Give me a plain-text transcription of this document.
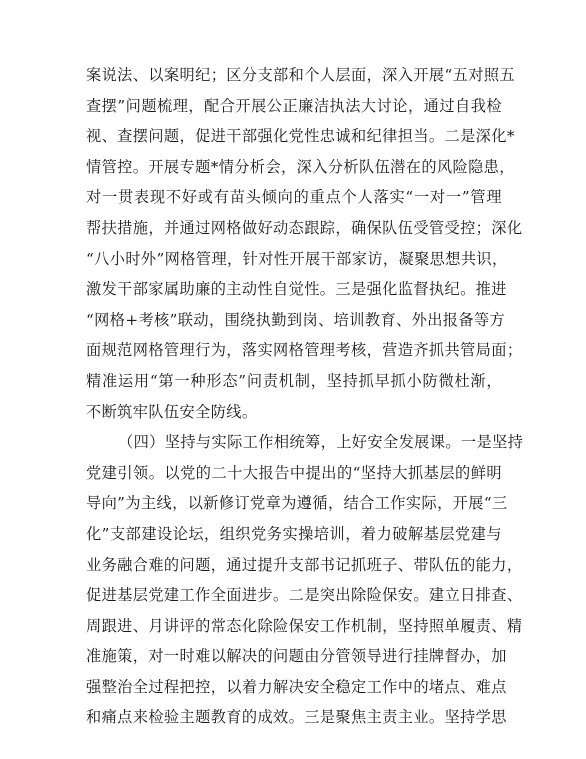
案说法、以案明纪；区分支部和个人层面，深入开展“五对照五
查摆”问题梳理，配合开展公正廉洁执法大讨论，通过自我检
视、查摆问题，促进干部强化党性忠诚和纪律担当。二是深化*
情管控。开展专题*情分析会，深入分析队伍潜在的风险隐患，
对一贯表现不好或有苗头倾向的重点个人落实“一对一”管理
帮扶措施，并通过网格做好动态跟踪，确保队伍受管受控；深化
“八小时外”网格管理，针对性开展干部家访，凝聚思想共识，
激发干部家属助廉的主动性自觉性。三是强化监督执纪。推进
“网格+考核”联动，围绕执勤到岗、培训教育、外出报备等方
面规范网格管理行为，落实网格管理考核，营造齐抓共管局面；
精准运用“第一种形态”问责机制，坚持抓早抓小防微杜渐，
不断筑牢队伍安全防线。
（四）坚持与实际工作相统筹，上好安全发展课。一是坚持
党建引领。以党的二十大报告中提出的“坚持大抓基层的鲜明
导向”为主线，以新修订党章为遵循，结合工作实际，开展“三
化”支部建设论坛，组织党务实操培训，着力破解基层党建与
业务融合难的问题，通过提升支部书记抓班子、带队伍的能力，
促进基层党建工作全面进步。二是突出除险保安。建立日排查、
周跟进、月讲评的常态化除险保安工作机制，坚持照单履责、精
准施策，对一时难以解决的问题由分管领导进行挂牌督办，加
强整治全过程把控，以着力解决安全稳定工作中的堵点、难点
和痛点来检验主题教育的成效。三是聚焦主责主业。坚持学思
